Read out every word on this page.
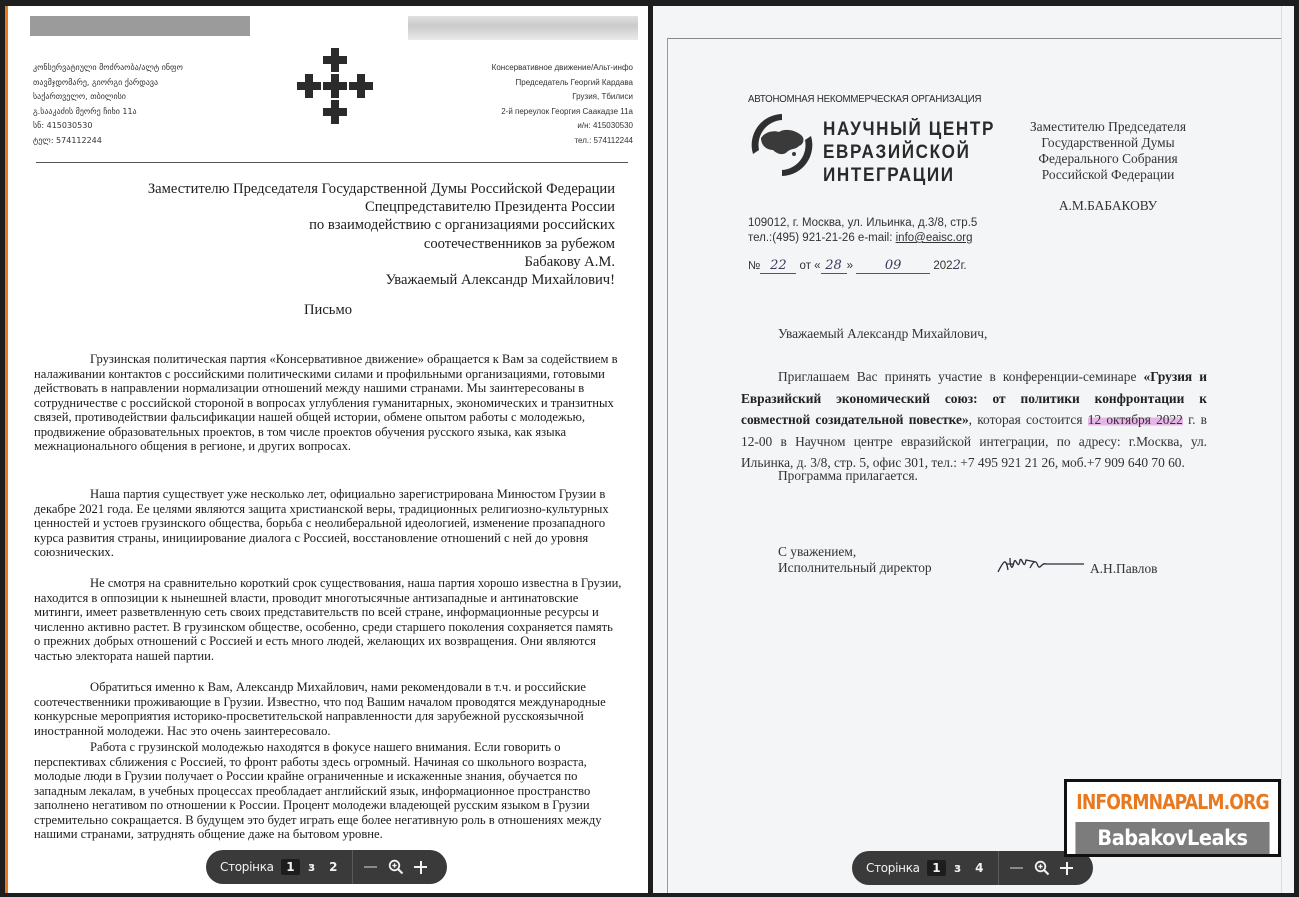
კონსერვატიული მოძრაობა/ალტ ინფო
თავმჯდომარე, გიორგი ქარდავა
საქართველო, თბილისი
გ.სააკაძის მეორე ჩიხი 11ა
სნ: 415030530
ტელ: 574112244
Консервативное движение/Альт-инфо
Председатель Георгий Кардава
Грузия, Тбилиси
2-й переулок Георгия Саакадзе 11а
и/н: 415030530
тел.: 574112244
Заместителю Председателя Государственной Думы Российской Федерации
Спецпредставителю Президента России
по взаимодействию с организациями российских
соотечественников за рубежом
Бабакову А.М.
Уважаемый Александр Михайлович!
Письмо

Грузинская политическая партия «Консервативное движение» обращается к Вам за содействием в налаживании контактов с российскими политическими силами и профильными организациями, готовыми действовать в направлении нормализации отношений между нашими странами. Мы заинтересованы в сотрудничестве с российской стороной в вопросах углубления гуманитарных, экономических и транзитных связей, противодействии фальсификации нашей общей истории, обмене опытом работы с молодежью, продвижение образовательных проектов, в том числе проектов обучения русского языка, как языка межнационального общения в регионе, и других вопросах.

Наша партия существует уже несколько лет, официально зарегистрирована Минюстом Грузии в декабре 2021 года. Ее целями являются защита христианской веры, традиционных религиозно-культурных ценностей и устоев грузинского общества, борьба с неолиберальной идеологией, изменение прозападного курса развития страны, инициирование диалога с Россией, восстановление отношений с ней до уровня союзнических.

Не смотря на сравнительно короткий срок существования, наша партия хорошо известна в Грузии, находится в оппозиции к нынешней власти, проводит многотысячные антизападные и антинатовские митинги, имеет разветвленную сеть своих представительств по всей стране, информационные ресурсы и численно активно растет. В грузинском обществе, особенно, среди старшего поколения сохраняется память о прежних добрых отношений с Россией и есть много людей, желающих их возвращения. Они являются частью электората нашей партии.

Обратиться именно к Вам, Александр Михайлович, нами рекомендовали в т.ч. и российские соотечественники проживающие в Грузии. Известно, что под Вашим началом проводятся международные конкурсные мероприятия историко-просветительской направленности для зарубежной русскоязычной иностранной молодежи. Нас это очень заинтересовало.

Работа с грузинской молодежью находятся в фокусе нашего внимания. Если говорить о перспективах сближения с Россией, то фронт работы здесь огромный. Начиная со школьного возраста, молодые люди в Грузии получает о России крайне ограниченные и искаженные знания, обучается по западным лекалам, в учебных процессах преобладает английский язык, информационное пространство заполнено негативом по отношении к России. Процент молодежи владеющей русским языком в Грузии стремительно сокращается. В будущем это будет играть еще более негативную роль в отношениях между нашими странами, затруднять общение даже на бытовом уровне.

Сторінка	1	з 2
АВТОНОМНАЯ НЕКОММЕРЧЕСКАЯ ОРГАНИЗАЦИЯ
НАУЧНЫЙ ЦЕНТР
ЕВРАЗИЙСКОЙ
ИНТЕГРАЦИИ
109012, г. Москва, ул. Ильинка, д.3/8, стр.5
тел.:(495) 921-21-26 e-mail: info@eaisc.org
№ 22 от « 28 » 09	2022г.
Заместителю Председателя
Государственной Думы
Федерального Собрания
Российской Федерации
А.М.БАБАКОВУ
Уважаемый Александр Михайлович,

Приглашаем Вас принять участие в конференции-семинаре «Грузия и Евразийский экономический союз: от политики конфронтации к совместной созидательной повестке», которая состоится 12 октября 2022 г. в 12-00 в Научном центре евразийской интеграции, по адресу: г.Москва, ул. Ильинка, д. 3/8, стр. 5, офис 301, тел.: +7 495 921 21 26, моб.+7 909 640 70 60.

Программа прилагается.
С уважением,
Исполнительный директор	А.Н.Павлов
Сторінка	1	з 4
INFORMNAPALM.ORG
BabakovLeaks
